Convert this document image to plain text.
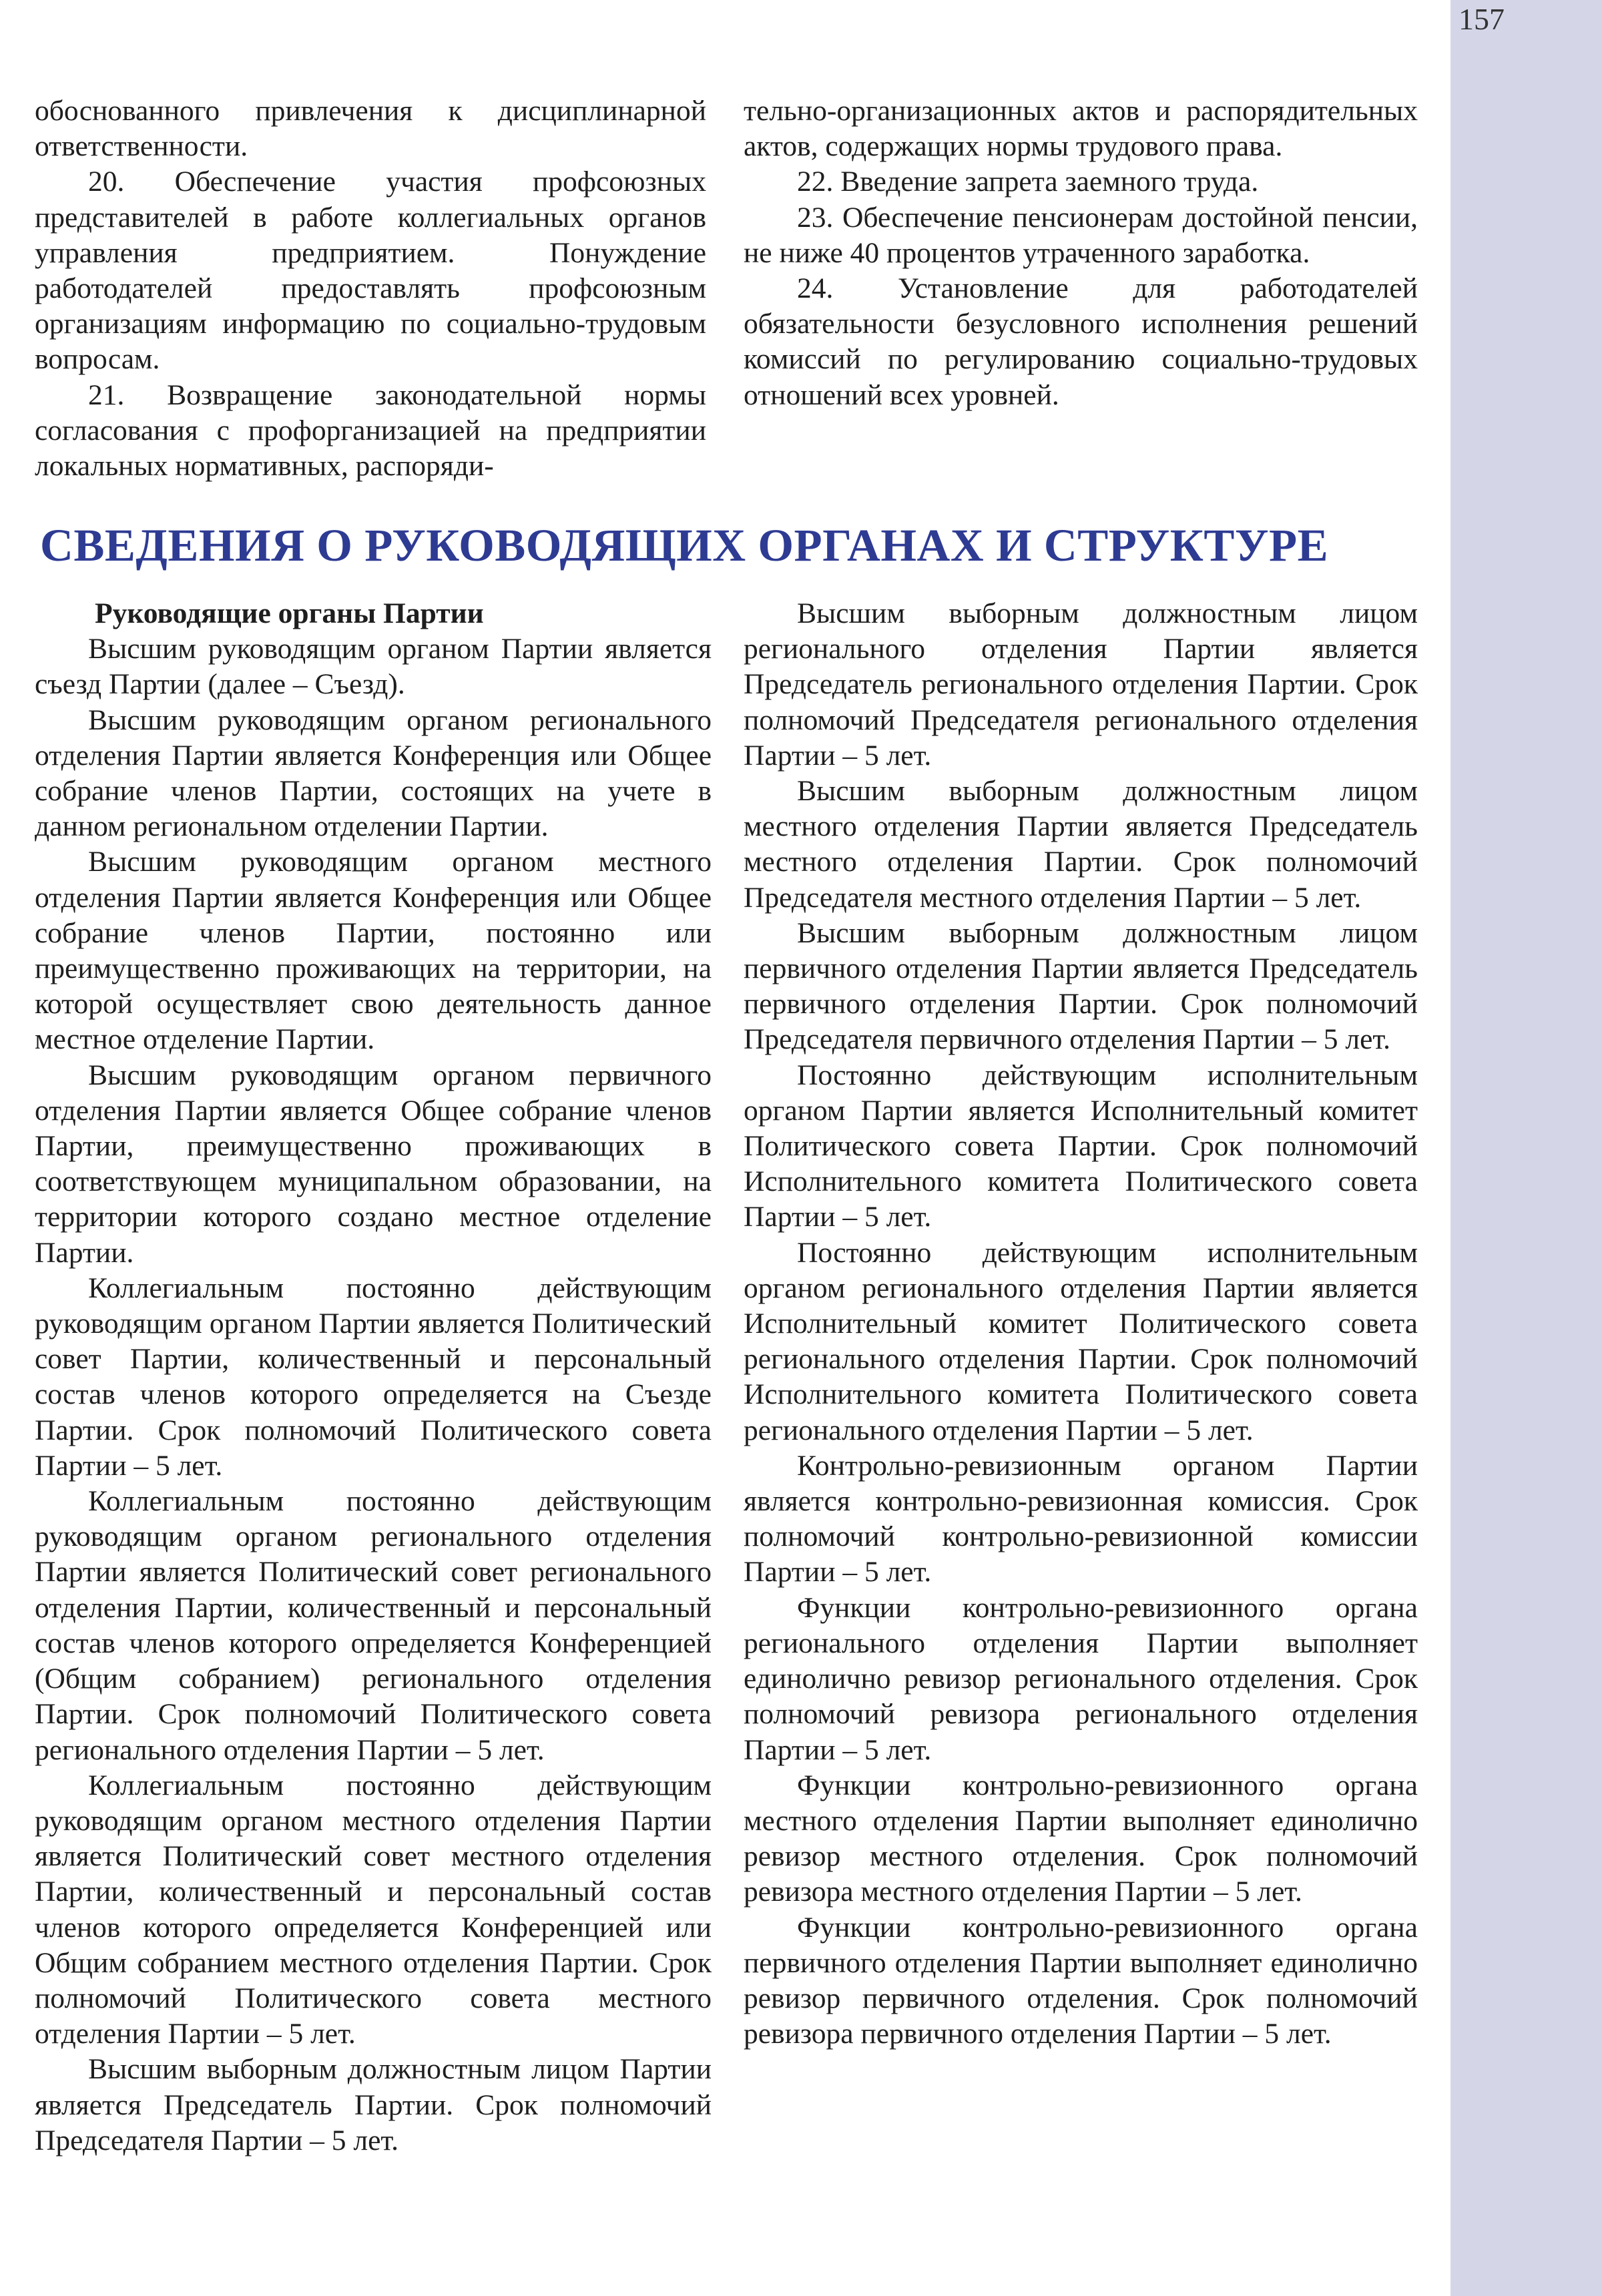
157

обоснованного привлечения к дисциплинарной ответственности.

20. Обеспечение участия профсоюзных представителей в работе коллегиальных органов управления предприятием. Понуждение работодателей предоставлять профсоюзным организациям информацию по социально-трудовым вопросам.

21. Возвращение законодательной нормы согласования с профорганизацией на предприятии локальных нормативных, распоряди-

тельно-организационных актов и распорядительных актов, содержащих нормы трудового права.

22. Введение запрета заемного труда.

23. Обеспечение пенсионерам достойной пенсии, не ниже 40 процентов утраченного заработка.

24. Установление для работодателей обязательности безусловного исполнения решений комиссий по регулированию социально-трудовых отношений всех уровней.

СВЕДЕНИЯ О РУКОВОДЯЩИХ ОРГАНАХ И СТРУКТУРЕ

Руководящие органы Партии

Высшим руководящим органом Партии является съезд Партии (далее – Съезд).

Высшим руководящим органом регионального отделения Партии является Конференция или Общее собрание членов Партии, состоящих на учете в данном региональном отделении Партии.

Высшим руководящим органом местного отделения Партии является Конференция или Общее собрание членов Партии, постоянно или преимущественно проживающих на территории, на которой осуществляет свою деятельность данное местное отделение Партии.

Высшим руководящим органом первичного отделения Партии является Общее собрание членов Партии, преимущественно проживающих в соответствующем муниципальном образовании, на территории которого создано местное отделение Партии.

Коллегиальным постоянно действующим руководящим органом Партии является Политический совет Партии, количественный и персональный состав членов которого определяется на Съезде Партии. Срок полномочий Политического совета Партии – 5 лет.

Коллегиальным постоянно действующим руководящим органом регионального отделения Партии является Политический совет регионального отделения Партии, количественный и персональный состав членов которого определяется Конференцией (Общим собранием) регионального отделения Партии. Срок полномочий Политического совета регионального отделения Партии – 5 лет.

Коллегиальным постоянно действующим руководящим органом местного отделения Партии является Политический совет местного отделения Партии, количественный и персональный состав членов которого определяется Конференцией или Общим собранием местного отделения Партии. Срок полномочий Политического совета местного отделения Партии – 5 лет.

Высшим выборным должностным лицом Партии является Председатель Партии. Срок полномочий Председателя Партии – 5 лет.

Высшим выборным должностным лицом регионального отделения Партии является Председатель регионального отделения Партии. Срок полномочий Председателя регионального отделения Партии – 5 лет.

Высшим выборным должностным лицом местного отделения Партии является Председатель местного отделения Партии. Срок полномочий Председателя местного отделения Партии – 5 лет.

Высшим выборным должностным лицом первичного отделения Партии является Председатель первичного отделения Партии. Срок полномочий Председателя первичного отделения Партии – 5 лет.

Постоянно действующим исполнительным органом Партии является Исполнительный комитет Политического совета Партии. Срок полномочий Исполнительного комитета Политического совета Партии – 5 лет.

Постоянно действующим исполнительным органом регионального отделения Партии является Исполнительный комитет Политического совета регионального отделения Партии. Срок полномочий Исполнительного комитета Политического совета регионального отделения Партии – 5 лет.

Контрольно-ревизионным органом Партии является контрольно-ревизионная комиссия. Срок полномочий контрольно-ревизионной комиссии Партии – 5 лет.

Функции контрольно-ревизионного органа регионального отделения Партии выполняет единолично ревизор регионального отделения. Срок полномочий ревизора регионального отделения Партии – 5 лет.

Функции контрольно-ревизионного органа местного отделения Партии выполняет единолично ревизор местного отделения. Срок полномочий ревизора местного отделения Партии – 5 лет.

Функции контрольно-ревизионного органа первичного отделения Партии выполняет единолично ревизор первичного отделения. Срок полномочий ревизора первичного отделения Партии – 5 лет.
